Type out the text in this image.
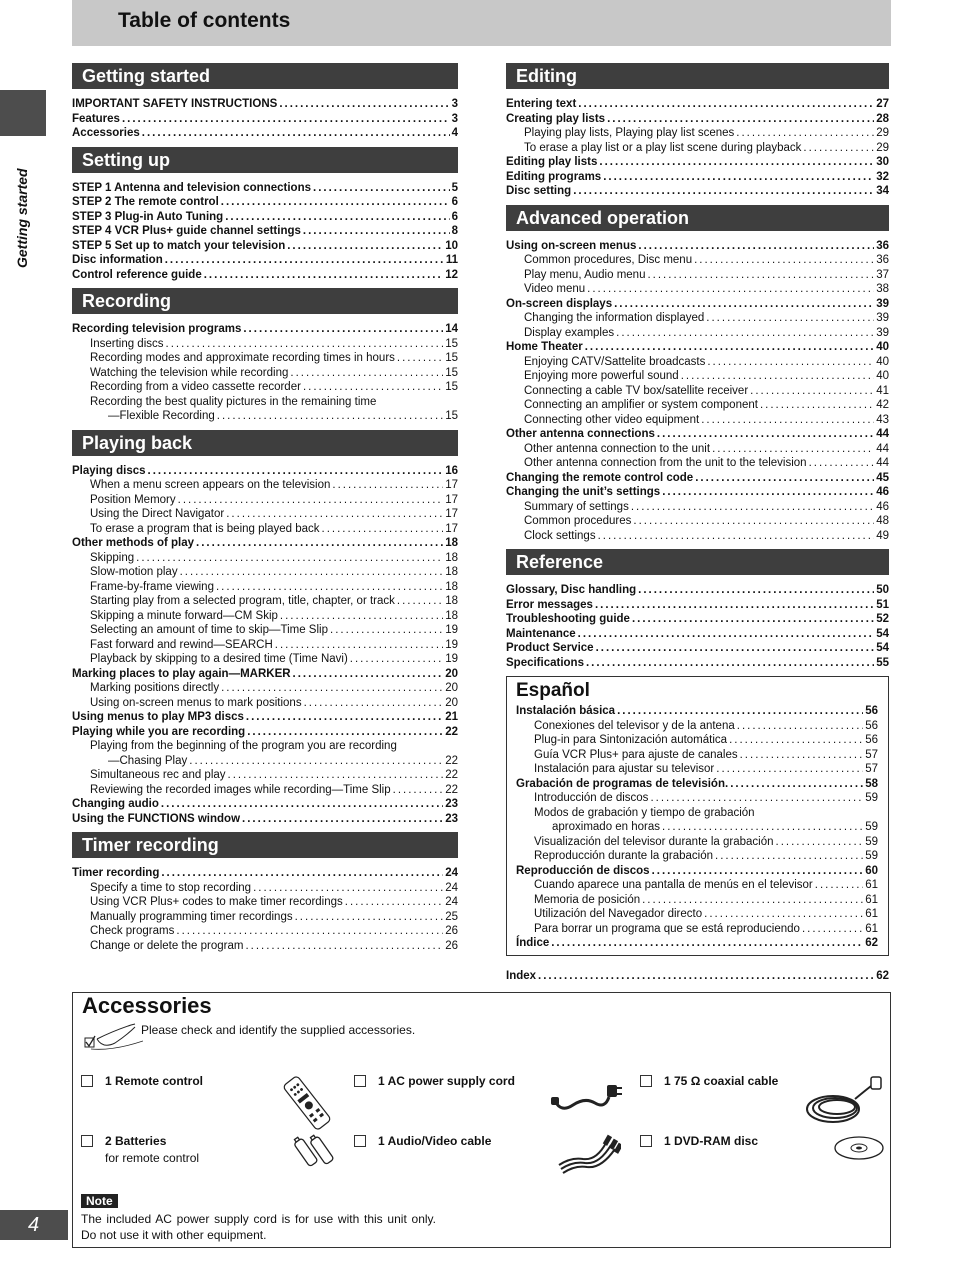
Table of contents
Getting started
Getting started
IMPORTANT SAFETY INSTRUCTIONS .....	3
Features .....	3
Accessories .....	4
Setting up
STEP 1 Antenna and television connections .....	5
STEP 2 The remote control .....	6
STEP 3 Plug-in Auto Tuning .....	6
STEP 4 VCR Plus+ guide channel settings .....	8
STEP 5 Set up to match your television .....	10
Disc information .....	11
Control reference guide .....	12
Recording
Recording television programs .....	14
Inserting discs .....	15
Recording modes and approximate recording times in hours .....	15
Watching the television while recording .....	15
Recording from a video cassette recorder .....	15
Recording the best quality pictures in the remaining time
—Flexible Recording .....	15
Playing back
Playing discs .....	16
When a menu screen appears on the television .....	17
Position Memory .....	17
Using the Direct Navigator .....	17
To erase a program that is being played back .....	17
Other methods of play .....	18
Skipping .....	18
Slow-motion play .....	18
Frame-by-frame viewing .....	18
Starting play from a selected program, title, chapter, or track .....	18
Skipping a minute forward—CM Skip .....	18
Selecting an amount of time to skip—Time Slip .....	19
Fast forward and rewind—SEARCH .....	19
Playback by skipping to a desired time (Time Navi) .....	19
Marking places to play again—MARKER .....	20
Marking positions directly .....	20
Using on-screen menus to mark positions .....	20
Using menus to play MP3 discs .....	21
Playing while you are recording .....	22
Playing from the beginning of the program you are recording
—Chasing Play .....	22
Simultaneous rec and play .....	22
Reviewing the recorded images while recording—Time Slip .....	22
Changing audio .....	23
Using the FUNCTIONS window .....	23
Timer recording
Timer recording .....	24
Specify a time to stop recording .....	24
Using VCR Plus+ codes to make timer recordings .....	24
Manually programming timer recordings .....	25
Check programs .....	26
Change or delete the program .....	26
Editing
Entering text .....	27
Creating play lists .....	28
Playing play lists, Playing play list scenes .....	29
To erase a play list or a play list scene during playback .....	29
Editing play lists .....	30
Editing programs .....	32
Disc setting .....	34
Advanced operation
Using on-screen menus .....	36
Common procedures, Disc menu .....	36
Play menu, Audio menu .....	37
Video menu .....	38
On-screen displays .....	39
Changing the information displayed .....	39
Display examples .....	39
Home Theater .....	40
Enjoying CATV/Sattelite broadcasts .....	40
Enjoying more powerful sound .....	40
Connecting a cable TV box/satellite receiver .....	41
Connecting an amplifier or system component .....	42
Connecting other video equipment .....	43
Other antenna connections .....	44
Other antenna connection to the unit .....	44
Other antenna connection from the unit to the television .....	44
Changing the remote control code .....	45
Changing the unit’s settings .....	46
Summary of settings .....	46
Common procedures .....	48
Clock settings .....	49
Reference
Glossary, Disc handling .....	50
Error messages .....	51
Troubleshooting guide .....	52
Maintenance .....	54
Product Service .....	54
Specifications .....	55
Español
Instalación básica .....	56
Conexiones del televisor y de la antena .....	56
Plug-in para Sintonización automática .....	56
Guía VCR Plus+ para ajuste de canales .....	57
Instalación para ajustar su televisor .....	57
Grabación de programas de televisión. .....	58
Introducción de discos .....	59
Modos de grabación y tiempo de grabación
aproximado en horas .....	59
Visualización del televisor durante la grabación .....	59
Reproducción durante la grabación .....	59
Reproducción de discos .....	60
Cuando aparece una pantalla de menús en el televisor .....	61
Memoria de posición .....	61
Utilización del Navegador directo .....	61
Para borrar un programa que se está reproduciendo .....	61
Índice .....	62
Index .....	62
Accessories
Please check and identify the supplied accessories.
1 Remote control	1 AC power supply cord	1 75 Ω coaxial cable
2 Batteries
for remote control
1 Audio/Video cable	1 DVD-RAM disc
Note
The included AC power supply cord is for use with this unit only. Do not use it with other equipment.
4
